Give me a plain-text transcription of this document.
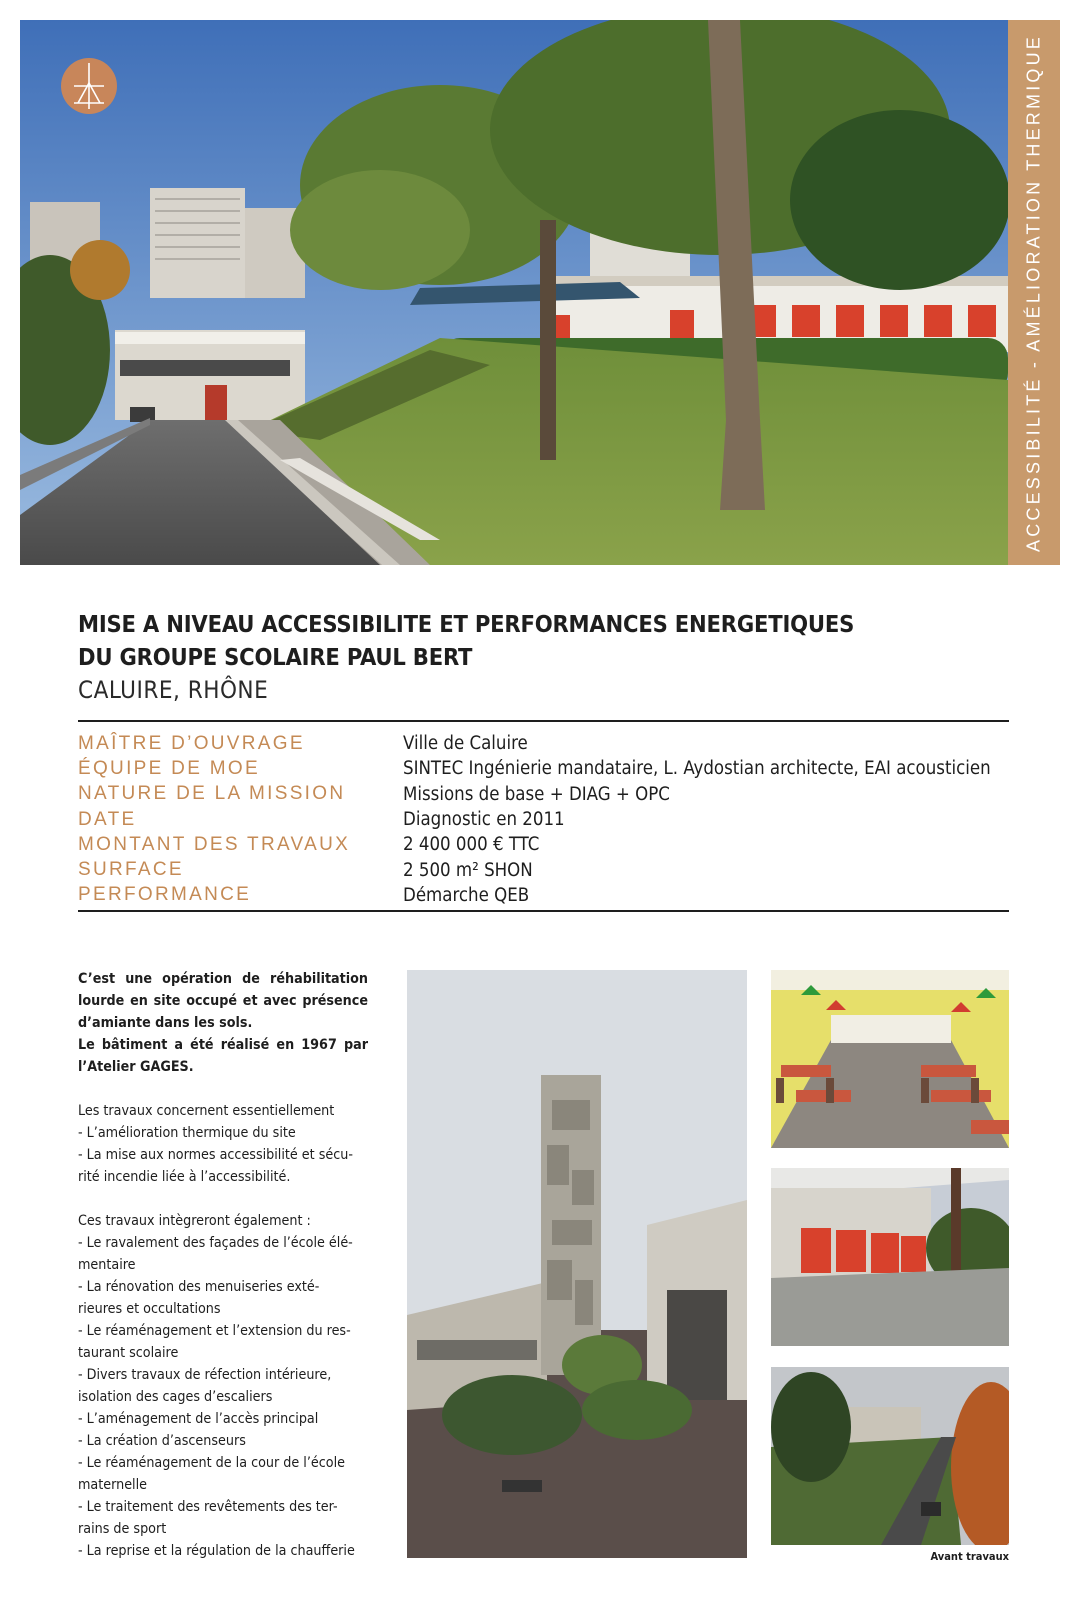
ACCESSIBILITÉ - AMÉLIORATION THERMIQUE
MISE A NIVEAU ACCESSIBILITE ET PERFORMANCES ENERGETIQUES
DU GROUPE SCOLAIRE PAUL BERT
CALUIRE, RHÔNE
MAÎTRE D’OUVRAGE	Ville de Caluire
ÉQUIPE DE MOE	SINTEC Ingénierie mandataire, L. Aydostian architecte, EAI acousticien
NATURE DE LA MISSION	Missions de base + DIAG + OPC
DATE	Diagnostic en 2011
MONTANT DES TRAVAUX	2 400 000 € TTC
SURFACE	2 500 m² SHON
PERFORMANCE	Démarche QEB

C’est une opération de réhabilitation lourde en site occupé et avec présence d’amiante dans les sols.

Le bâtiment a été réalisé en 1967 par l’Atelier GAGES.

Les travaux concernent essentiellement
- L’amélioration thermique du site
- La mise aux normes accessibilité et sécu-
rité incendie liée à l’accessibilité.
Ces travaux intègreront également :
- Le ravalement des façades de l’école élé-
mentaire
- La rénovation des menuiseries exté-
rieures et occultations
- Le réaménagement et l’extension du res-
taurant scolaire
- Divers travaux de réfection intérieure,
isolation des cages d’escaliers
- L’aménagement de l’accès principal
- La création d’ascenseurs
- Le réaménagement de la cour de l’école
maternelle
- Le traitement des revêtements des ter-
rains de sport
- La reprise et la régulation de la chaufferie	Avant travaux
